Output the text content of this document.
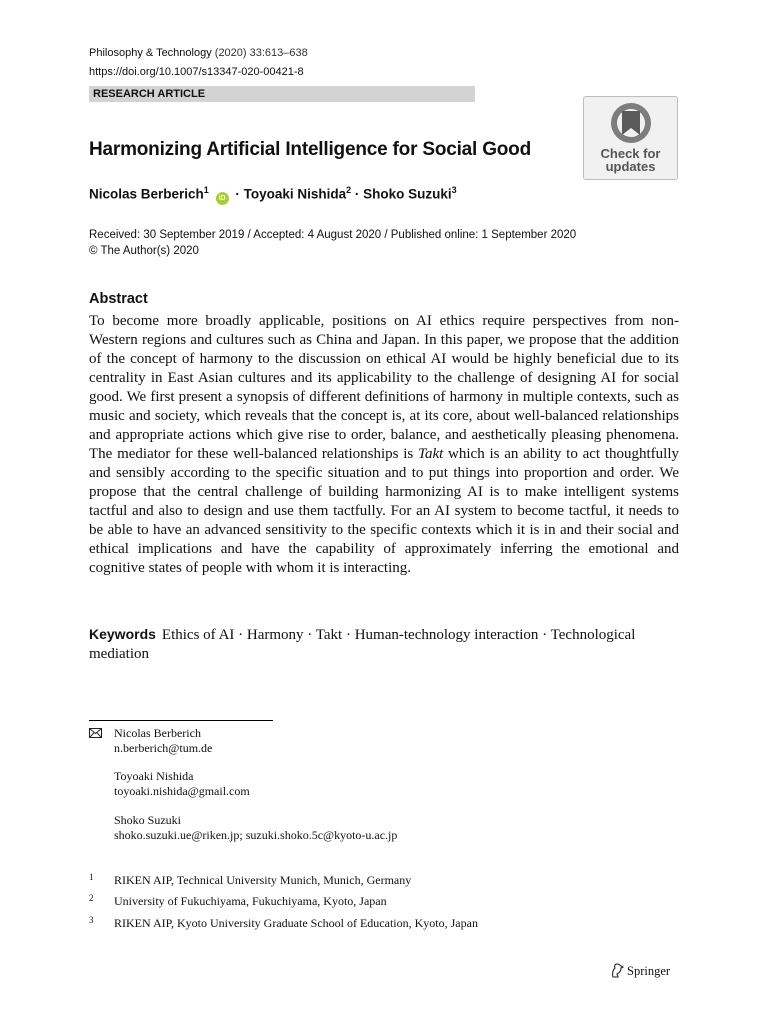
Philosophy & Technology (2020) 33:613–638
https://doi.org/10.1007/s13347-020-00421-8
RESEARCH ARTICLE
Harmonizing Artificial Intelligence for Social Good	Check for
updates
Nicolas Berberich$^1$ iD · Toyoaki Nishida$^2$ · Shoko Suzuki$^3$
Received: 30 September 2019 / Accepted: 4 August 2020 / Published online: 1 September 2020
© The Author(s) 2020
Abstract
To become more broadly applicable, positions on AI ethics require perspectives from non-Western regions and cultures such as China and Japan. In this paper, we propose that the addition of the concept of harmony to the discussion on ethical AI would be highly beneficial due to its centrality in East Asian cultures and its applicability to the challenge of designing AI for social good. We first present a synopsis of different definitions of harmony in multiple contexts, such as music and society, which reveals that the concept is, at its core, about well-balanced relationships and appropriate actions which give rise to order, balance, and aesthetically pleasing phenomena. The mediator for these well-balanced relationships is Takt which is an ability to act thoughtfully and sensibly according to the specific situation and to put things into proportion and order. We propose that the central challenge of building harmonizing AI is to make intelligent systems tactful and also to design and use them tactfully. For an AI system to become tactful, it needs to be able to have an advanced sensitivity to the specific contexts which it is in and their social and ethical implications and have the capability of approximately inferring the emotional and cognitive states of people with whom it is interacting.
Keywords Ethics of AI · Harmony · Takt · Human-technology interaction · Technological mediation
Nicolas Berberich
n.berberich@tum.de
Toyoaki Nishida
toyoaki.nishida@gmail.com
Shoko Suzuki
shoko.suzuki.ue@riken.jp; suzuki.shoko.5c@kyoto-u.ac.jp
1 RIKEN AIP, Technical University Munich, Munich, Germany
2 University of Fukuchiyama, Fukuchiyama, Kyoto, Japan
3 RIKEN AIP, Kyoto University Graduate School of Education, Kyoto, Japan
Springer
